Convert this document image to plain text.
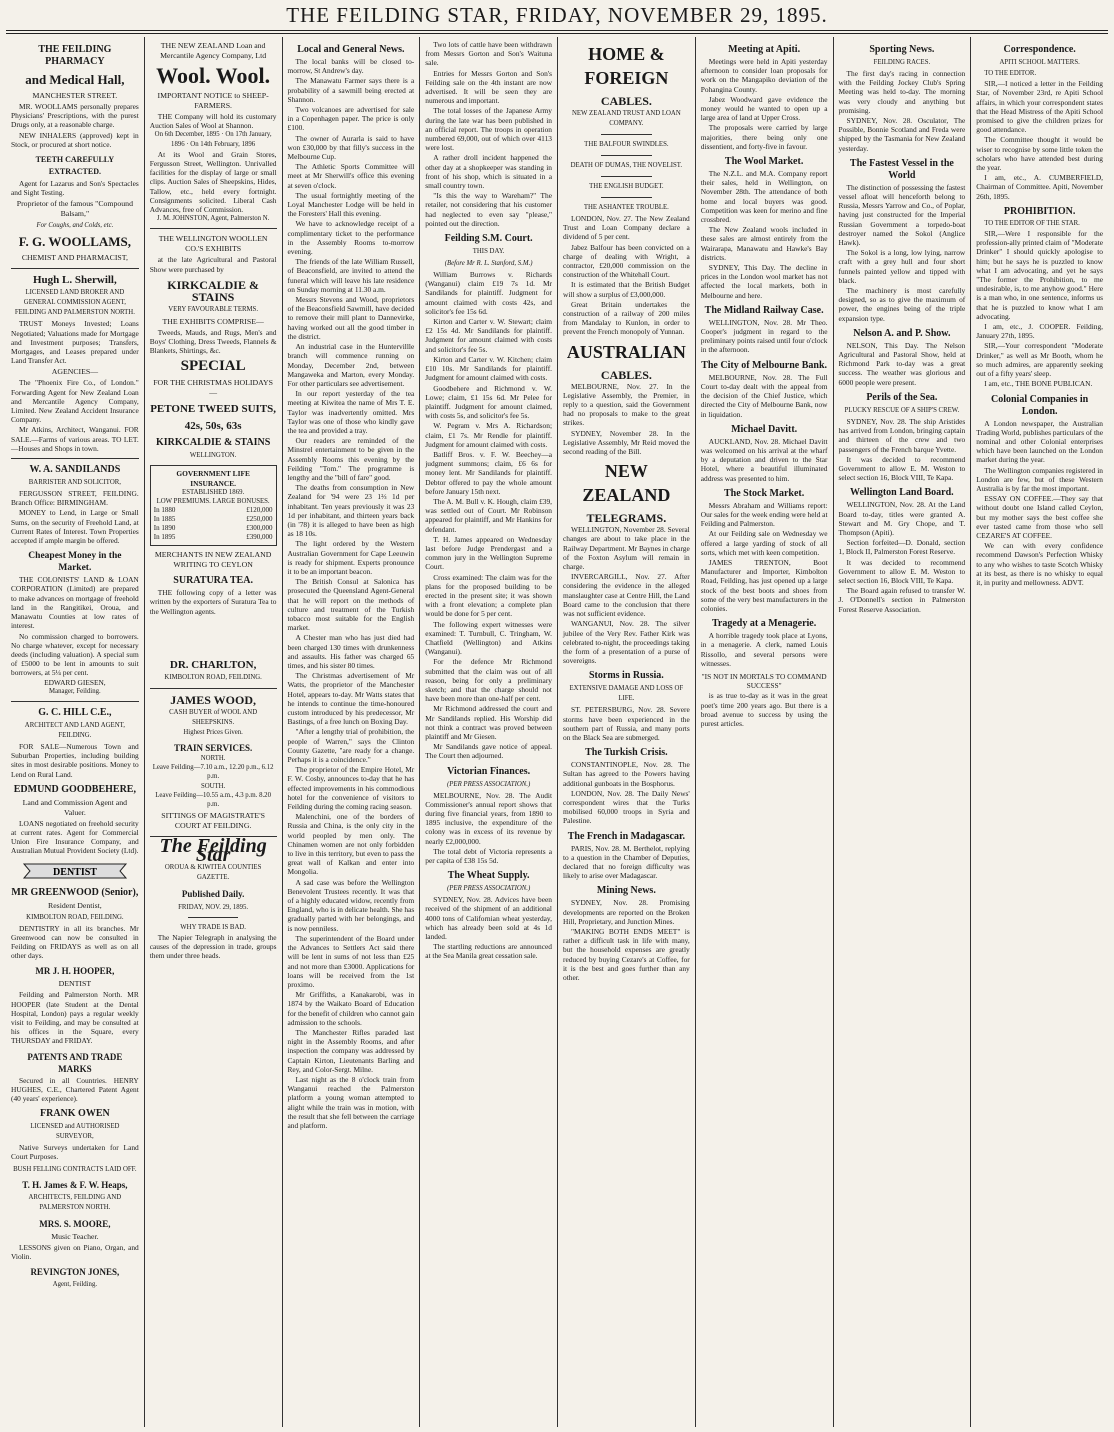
THE FEILDING STAR, FRIDAY, NOVEMBER 29, 1895.
THE FEILDING PHARMACY
and Medical Hall,
MANCHESTER STREET.

MR. WOOLLAMS personally prepares Physicians' Prescriptions, with the purest Drugs only, at a reasonable charge.

NEW INHALERS (approved) kept in Stock, or procured at short notice.

TEETH CAREFULLY EXTRACTED.

Agent for Lazarus and Son's Spectacles and Sight Testing.

Proprietor of the famous "Compound Balsam,"
For Coughs, and Colds, etc.
F. G. WOOLLAMS,
CHEMIST AND PHARMACIST,
Hugh L. Sherwill,
LICENSED LAND BROKER AND GENERAL COMMISSION AGENT, FEILDING AND PALMERSTON NORTH.

TRUST Moneys Invested; Loans Negotiated; Valuations made for Mortgage and Investment purposes; Transfers, Mortgages, and Leases prepared under Land Transfer Act.

AGENCIES—

The "Phoenix Fire Co., of London." Forwarding Agent for New Zealand Loan and Mercantile Agency Company, Limited. New Zealand Accident Insurance Company.

Mr Atkins, Architect, Wanganui. FOR SALE.—Farms of various areas. TO LET.—Houses and Shops in town.

W. A. SANDILANDS
BARRISTER AND SOLICITOR,

FERGUSSON STREET, FEILDING. Branch Office: BIRMINGHAM.

MONEY to Lend, in Large or Small Sums, on the security of Freehold Land, at Current Rates of Interest. Town Properties accepted if ample margin be offered.

Cheapest Money in the Market.

THE COLONISTS' LAND & LOAN CORPORATION (Limited) are prepared to make advances on mortgage of freehold land in the Rangitikei, Oroua, and Manawatu Counties at low rates of interest.

No commission charged to borrowers. No charge whatever, except for necessary deeds (including valuation). A special sum of £5000 to be lent in amounts to suit borrowers, at 5¼ per cent.

EDWARD GIESEN,
Manager, Feilding.
G. C. HILL C.E.,
ARCHITECT AND LAND AGENT, FEILDING.

FOR SALE—Numerous Town and Suburban Properties, including building sites in most desirable positions. Money to Lend on Rural Land.

EDMUND GOODBEHERE,
Land and Commission Agent and Valuer.

LOANS negotiated on freehold security at current rates. Agent for Commercial Union Fire Insurance Company, and Australian Mutual Provident Society (Ltd).

DENTIST
MR GREENWOOD (Senior),
Resident Dentist,
KIMBOLTON ROAD, FEILDING.

DENTISTRY in all its branches. Mr Greenwood can now be consulted in Feilding on FRIDAYS as well as on all other days.

MR J. H. HOOPER,
DENTIST

Feilding and Palmerston North. MR HOOPER (late Student at the Dental Hospital, London) pays a regular weekly visit to Feilding, and may be consulted at his offices in the Square, every THURSDAY and FRIDAY.

PATENTS AND TRADE MARKS

Secured in all Countries. HENRY HUGHES, C.E., Chartered Patent Agent (40 years' experience).

FRANK OWEN
LICENSED and AUTHORISED SURVEYOR,

Native Surveys undertaken for Land Court Purposes.

BUSH FELLING CONTRACTS LAID OFF.
T. H. James & F. W. Heaps,
ARCHITECTS, FEILDING AND PALMERSTON NORTH.
MRS. S. MOORE,
Music Teacher.

LESSONS given on Piano, Organ, and Violin.

REVINGTON JONES,
Agent, Feilding.
THE NEW ZEALAND Loan and Mercantile Agency Company, Ltd
Wool. Wool.
IMPORTANT NOTICE to SHEEP-FARMERS.

THE Company will hold its customary Auction Sales of Wool at Shannon.

On 6th December, 1895 · On 17th January, 1896 · On 14th February, 1896

At its Wool and Grain Stores, Fergusson Street, Wellington. Unrivalled facilities for the display of large or small clips. Auction Sales of Sheepskins, Hides, Tallow, etc., held every fortnight. Consignments solicited. Liberal Cash Advances, free of Commission.

J. M. JOHNSTON, Agent, Palmerston N.

THE WELLINGTON WOOLLEN CO.'S EXHIBITS

at the late Agricultural and Pastoral Show were purchased by

KIRKCALDIE & STAINS
VERY FAVOURABLE TERMS.
THE EXHIBITS COMPRISE—

Tweeds, Mauds, and Rugs, Men's and Boys' Clothing, Dress Tweeds, Flannels & Blankets, Shirtings, &c.

SPECIAL
FOR THE CHRISTMAS HOLIDAYS—
PETONE TWEED SUITS,
42s, 50s, 63s
KIRKCALDIE & STAINS
WELLINGTON.
GOVERNMENT LIFE INSURANCE.
ESTABLISHED 1869.
LOW PREMIUMS. LARGE BONUSES.
In 1880	£120,000
In 1885	£250,000
In 1890	£300,000
In 1895	£390,000
MERCHANTS IN NEW ZEALAND WRITING TO CEYLON
SURATURA TEA.

THE following copy of a letter was written by the exporters of Suratura Tea to the Wellington agents.

DR. CHARLTON,
KIMBOLTON ROAD, FEILDING.
JAMES WOOD,
CASH BUYER of WOOL AND SHEEPSKINS.
Highest Prices Given.
TRAIN SERVICES.
NORTH.
Leave Feilding—7.10 a.m., 12.20 p.m., 6.12 p.m.
SOUTH.
Leave Feilding—10.55 a.m., 4.3 p.m. 8.20 p.m.
SITTINGS OF MAGISTRATE'S COURT AT FEILDING.
The Feilding Star
OROUA & KIWITEA COUNTIES GAZETTE.
Published Daily.
FRIDAY, NOV. 29, 1895.
WHY TRADE IS BAD.

The Napier Telegraph in analysing the causes of the depression in trade, groups them under three heads.

Local and General News.

The local banks will be closed to-morrow, St Andrew's day.

The Manawatu Farmer says there is a probability of a sawmill being erected at Shannon.

Two volcanoes are advertised for sale in a Copenhagen paper. The price is only £100.

The owner of Aurarla is said to have won £30,000 by that filly's success in the Melbourne Cup.

The Athletic Sports Committee will meet at Mr Sherwill's office this evening at seven o'clock.

The usual fortnightly meeting of the Loyal Manchester Lodge will be held in the Foresters' Hall this evening.

We have to acknowledge receipt of a complimentary ticket to the performance in the Assembly Rooms to-morrow evening.

The friends of the late William Russell, of Beaconsfield, are invited to attend the funeral which will leave his late residence on Sunday morning at 11.30 a.m.

Messrs Stevens and Wood, proprietors of the Beaconsfield Sawmill, have decided to remove their mill plant to Dannevirke, having worked out all the good timber in the district.

An industrial case in the Huntervillle branch will commence running on Monday, December 2nd, between Mangaweka and Marton, every Monday. For other particulars see advertisement.

In our report yesterday of the tea meeting at Kiwitea the name of Mrs T. E. Taylor was inadvertently omitted. Mrs Taylor was one of those who kindly gave the tea and provided a tray.

Our readers are reminded of the Minstrel entertainment to be given in the Assembly Rooms this evening by the Feilding "Tom." The programme is lengthy and the "bill of fare" good.

The deaths from consumption in New Zealand for '94 were 23 1⅔ 1d per inhabitant. Ten years previously it was 23 1d per inhabitant, and thirteen years back (in '78) it is alleged to have been as high as 18 10s.

The light ordered by the Western Australian Government for Cape Leeuwin is ready for shipment. Experts pronounce it to be an important beacon.

The British Consul at Salonica has prosecuted the Queensland Agent-General that he will report on the methods of culture and treatment of the Turkish tobacco most suitable for the English market.

A Chester man who has just died had been charged 130 times with drunkenness and assaults. His father was charged 65 times, and his sister 80 times.

The Christmas advertisement of Mr Watts, the proprietor of the Manchester Hotel, appears to-day. Mr Watts states that he intends to continue the time-honoured custom introduced by his predecessor, Mr Bastings, of a free lunch on Boxing Day.

"After a lengthy trial of prohibition, the people of Warren," says the Clinton County Gazette, "are ready for a change. Perhaps it is a coincidence."

The proprietor of the Empire Hotel, Mr F. W. Cosby, announces to-day that he has effected improvements in his commodious hotel for the convenience of visitors to Feilding during the coming racing season.

Malenchini, one of the borders of Russia and China, is the only city in the world peopled by men only. The Chinamen women are not only forbidden to live in this territory, but even to pass the great wall of Kalkan and enter into Mongolia.

A sad case was before the Wellington Benevolent Trustees recently. It was that of a highly educated widow, recently from England, who is in delicate health. She has gradually parted with her belongings, and is now penniless.

The superintendent of the Board under the Advances to Settlers Act said there will be lent in sums of not less than £25 and not more than £3000. Applications for loans will be received from the 1st proximo.

Mr Griffiths, a Kanakarobi, was in 1874 by the Waikato Board of Education for the benefit of children who cannot gain admission to the schools.

The Manchester Rifles paraded last night in the Assembly Rooms, and after inspection the company was addressed by Captain Kirton, Lieutenants Barling and Rey, and Color-Sergt. Milne.

Last night as the 8 o'clock train from Wanganui reached the Palmerston platform a young woman attempted to alight while the train was in motion, with the result that she fell between the carriage and platform.

Two lots of cattle have been withdrawn from Messrs Gorton and Son's Waituna sale.

Entries for Messrs Gorton and Son's Feilding sale on the 4th instant are now advertised. It will be seen they are numerous and important.

The total losses of the Japanese Army during the late war has been published in an official report. The troops in operation numbered 69,000, out of which over 4113 were lost.

A rather droll incident happened the other day at a shopkeeper was standing in front of his shop, which is situated in a small country town.

"Is this the way to Wareham?" The retailer, not considering that his customer had neglected to even say "please," pointed out the direction.

Feilding S.M. Court.
THIS DAY.
(Before Mr R. L. Stanford, S.M.)

William Burrows v. Richards (Wanganui) claim £19 7s 1d. Mr Sandilands for plaintiff. Judgment for amount claimed with costs 42s, and solicitor's fee 15s 6d.

Kirton and Carter v. W. Stewart; claim £2 15s 4d. Mr Sandilands for plaintiff. Judgment for amount claimed with costs and solicitor's fee 5s.

Kirton and Carter v. W. Kitchen; claim £10 10s. Mr Sandilands for plaintiff. Judgment for amount claimed with costs.

Goodbehere and Richmond v. W. Lowe; claim, £1 15s 6d. Mr Pelee for plaintiff. Judgment for amount claimed, with costs 5s, and solicitor's fee 5s.

W. Pegram v. Mrs A. Richardson; claim, £1 7s. Mr Rendle for plaintiff. Judgment for amount claimed with costs.

Batliff Bros. v. F. W. Beechey—a judgment summons; claim, £6 6s for money lent. Mr Sandilands for plaintiff. Debtor offered to pay the whole amount before January 15th next.

The A. M. Bull v. K. Hough, claim £39, was settled out of Court. Mr Robinson appeared for plaintiff, and Mr Hankins for defendant.

T. H. James appeared on Wednesday last before Judge Prendergast and a common jury in the Wellington Supreme Court.

Cross examined: The claim was for the plans for the proposed building to be erected in the present site; it was shown with a front elevation; a complete plan would be done for 5 per cent.

The following expert witnesses were examined: T. Turnbull, C. Tringham, W. Chatfield (Wellington) and Atkins (Wanganui).

For the defence Mr Richmond submitted that the claim was out of all reason, being for only a preliminary sketch; and that the charge should not have been more than one-half per cent.

Mr Richmond addressed the court and Mr Sandilands replied. His Worship did not think a contract was proved between plaintiff and Mr Giesen.

Mr Sandilands gave notice of appeal. The Court then adjourned.

Victorian Finances.
(PER PRESS ASSOCIATION.)

MELBOURNE, Nov. 28. The Audit Commissioner's annual report shows that during five financial years, from 1890 to 1895 inclusive, the expenditure of the colony was in excess of its revenue by nearly £2,000,000.

The total debt of Victoria represents a per capita of £38 15s 5d.

The Wheat Supply.
(PER PRESS ASSOCIATION.)

SYDNEY, Nov. 28. Advices have been received of the shipment of an additional 4000 tons of Californian wheat yesterday, which has already been sold at 4s 1d landed.

The startling reductions are announced at the Sea Manila great cessation sale.

HOME & FOREIGN
CABLES.
NEW ZEALAND TRUST AND LOAN COMPANY.
THE BALFOUR SWINDLES.
DEATH OF DUMAS, THE NOVELIST.
THE ENGLISH BUDGET.
THE ASHANTEE TROUBLE.

LONDON, Nov. 27. The New Zealand Trust and Loan Company declare a dividend of 5 per cent.

Jabez Balfour has been convicted on a charge of dealing with Wright, a contractor, £20,000 commission on the construction of the Whitehall Court.

It is estimated that the British Budget will show a surplus of £3,000,000.

Great Britain undertakes the construction of a railway of 200 miles from Mandalay to Kunlon, in order to prevent the French monopoly of Yunnan.

AUSTRALIAN
CABLES.

MELBOURNE, Nov. 27. In the Legislative Assembly, the Premier, in reply to a question, said the Government had no proposals to make to the great strikes.

SYDNEY, November 28. In the Legislative Assembly, Mr Reid moved the second reading of the Bill.

NEW ZEALAND
TELEGRAMS.

WELLINGTON, November 28. Several changes are about to take place in the Railway Department. Mr Baynes in charge of the Foxton Asylum will remain in charge.

INVERCARGILL, Nov. 27. After considering the evidence in the alleged manslaughter case at Centre Hill, the Land Board came to the conclusion that there was not sufficient evidence.

WANGANUI, Nov. 28. The silver jubilee of the Very Rev. Father Kirk was celebrated to-night, the proceedings taking the form of a presentation of a purse of sovereigns.

Storms in Russia.
EXTENSIVE DAMAGE AND LOSS OF LIFE.

ST. PETERSBURG, Nov. 28. Severe storms have been experienced in the southern part of Russia, and many ports on the Black Sea are submerged.

The Turkish Crisis.

CONSTANTINOPLE, Nov. 28. The Sultan has agreed to the Powers having additional gunboats in the Bosphorus.

LONDON, Nov. 28. The Daily News' correspondent wires that the Turks mobilised 60,000 troops in Syria and Palestine.

The French in Madagascar.

PARIS, Nov. 28. M. Berthelot, replying to a question in the Chamber of Deputies, declared that no foreign difficulty was likely to arise over Madagascar.

Mining News.

SYDNEY, Nov. 28. Promising developments are reported on the Broken Hill, Proprietary, and Junction Mines.

"MAKING BOTH ENDS MEET" is rather a difficult task in life with many, but the household expenses are greatly reduced by buying Cezare's at Coffee, for it is the best and goes further than any other.

Meeting at Apiti.

Meetings were held in Apiti yesterday afternoon to consider loan proposals for work on the Mangapiko deviation of the Pohangina County.

Jabez Woodward gave evidence the money would he wanted to open up a large area of land at Upper Cross.

The proposals were carried by large majorities, there being only one dissentient, and forty-five in favour.

The Wool Market.

The N.Z.L. and M.A. Company report their sales, held in Wellington, on November 28th. The attendance of both home and local buyers was good. Competition was keen for merino and fine crossbred.

The New Zealand wools included in these sales are almost entirely from the Wairarapa, Manawatu and Hawke's Bay districts.

SYDNEY, This Day. The decline in prices in the London wool market has not affected the local markets, both in Melbourne and here.

The Midland Railway Case.

WELLINGTON, Nov. 28. Mr Theo. Cooper's judgment in regard to the preliminary points raised until four o'clock in the afternoon.

The City of Melbourne Bank.

MELBOURNE, Nov. 28. The Full Court to-day dealt with the appeal from the decision of the Chief Justice, which directed the City of Melbourne Bank, now in liquidation.

Michael Davitt.

AUCKLAND, Nov. 28. Michael Davitt was welcomed on his arrival at the wharf by a deputation and driven to the Star Hotel, where a beautiful illuminated address was presented to him.

The Stock Market.

Messrs Abraham and Williams report: Our sales for the week ending were held at Feilding and Palmerston.

At our Feilding sale on Wednesday we offered a large yarding of stock of all sorts, which met with keen competition.

JAMES TRENTON, Boot Manufacturer and Importer, Kimbolton Road, Feilding, has just opened up a large stock of the best boots and shoes from some of the very best manufacturers in the colonies.

Tragedy at a Menagerie.

A horrible tragedy took place at Lyons, in a menagerie. A clerk, named Louis Rissollo, and several persons were witnesses.

"IS NOT IN MORTALS TO COMMAND SUCCESS"

is as true to-day as it was in the great poet's time 200 years ago. But there is a broad avenue to success by using the purest articles.

Sporting News.
FEILDING RACES.

The first day's racing in connection with the Feilding Jockey Club's Spring Meeting was held to-day. The morning was very cloudy and anything but promising.

SYDNEY, Nov. 28. Osculator, The Possible, Bonnie Scotland and Freda were shipped by the Tasmania for New Zealand yesterday.

The Fastest Vessel in the World

The distinction of possessing the fastest vessel afloat will henceforth belong to Russia, Messrs Yarrow and Co., of Poplar, having just constructed for the Imperial Russian Government a torpedo-boat destroyer named the Sokol (Anglice Hawk).

The Sokol is a long, low lying, narrow craft with a grey hull and four short funnels painted yellow and tipped with black.

The machinery is most carefully designed, so as to give the maximum of power, the engines being of the triple expansion type.

Nelson A. and P. Show.

NELSON, This Day. The Nelson Agricultural and Pastoral Show, held at Richmond Park to-day was a great success. The weather was glorious and 6000 people were present.

Perils of the Sea.
PLUCKY RESCUE OF A SHIP'S CREW.

SYDNEY, Nov. 28. The ship Aristides has arrived from London, bringing captain and thirteen of the crew and two passengers of the French barque Yvette.

It was decided to recommend Government to allow E. M. Weston to select section 16, Block VIII, Te Kapa.

Wellington Land Board.

WELLINGTON, Nov. 28. At the Land Board to-day, titles were granted A. Stewart and M. Gry Chope, and T. Thompson (Apiti).

Section forfeited—D. Donald, section 1, Block II, Palmerston Forest Reserve.

It was decided to recommend Government to allow E. M. Weston to select section 16, Block VIII, Te Kapa.

The Board again refused to transfer W. J. O'Donnell's section in Palmerston Forest Reserve Association.

Correspondence.
APITI SCHOOL MATTERS.

TO THE EDITOR.

SIR,—I noticed a letter in the Feilding Star, of November 23rd, re Apiti School affairs, in which your correspondent states that the Head Mistress of the Apiti School promised to give the children prizes for good attendance.

The Committee thought it would be wiser to recognise by some little token the scholars who have attended best during the year.

I am, etc., A. CUMBERFIELD, Chairman of Committee. Apiti, November 26th, 1895.

PROHIBITION.

TO THE EDITOR OF THE STAR.

SIR,—Were I responsible for the profession-ally printed claim of "Moderate Drinker" I should quickly apologise to him; but he says he is puzzled to know what I am advocating, and yet he says "The former the Prohibition, to me undesirable, is, to me anyhow good." Here is a man who, in one sentence, informs us that he is puzzled to know what I am advocating.

I am, etc., J. COOPER. Feilding, January 27th, 1895.

SIR,—Your correspondent "Moderate Drinker," as well as Mr Booth, whom he so much admires, are apparently seeking out of a fifty years' sleep.

I am, etc., THE BONE PUBLICAN.

Colonial Companies in London.

A London newspaper, the Australian Trading World, publishes particulars of the nominal and other Colonial enterprises which have been launched on the London market during the year.

The Wellington companies registered in London are few, but of these Western Australia is by far the most important.

ESSAY ON COFFEE.—They say that without doubt one Island called Ceylon, but my mother says the best coffee she ever tasted came from those who sell CEZARE'S AT COFFEE.

We can with every confidence recommend Dawson's Perfection Whisky to any who wishes to taste Scotch Whisky at its best, as there is no whisky to equal it, in purity and mellowness. ADVT.
